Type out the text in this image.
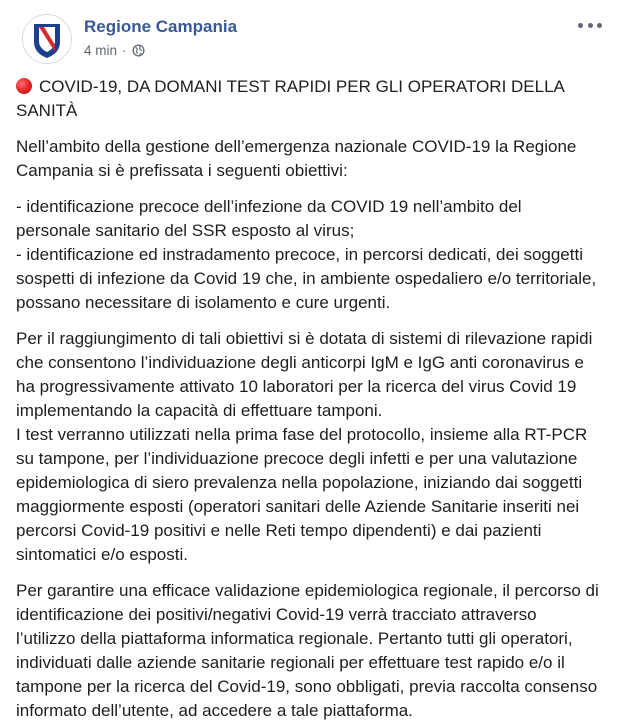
Regione Campania
4 min ·
COVID-19, DA DOMANI TEST RAPIDI PER GLI OPERATORI DELLA SANITÀ
Nell’ambito della gestione dell’emergenza nazionale COVID-19 la Regione Campania si è prefissata i seguenti obiettivi:
- identificazione precoce dell’infezione da COVID 19 nell’ambito del personale sanitario del SSR esposto al virus;
- identificazione ed instradamento precoce, in percorsi dedicati, dei soggetti sospetti di infezione da Covid 19 che, in ambiente ospedaliero e/o territoriale, possano necessitare di isolamento e cure urgenti.
Per il raggiungimento di tali obiettivi si è dotata di sistemi di rilevazione rapidi che consentono l’individuazione degli anticorpi IgM e IgG anti coronavirus e ha progressivamente attivato 10 laboratori per la ricerca del virus Covid 19 implementando la capacità di effettuare tamponi.
I test verranno utilizzati nella prima fase del protocollo, insieme alla RT-PCR su tampone, per l’individuazione precoce degli infetti e per una valutazione epidemiologica di siero prevalenza nella popolazione, iniziando dai soggetti maggiormente esposti (operatori sanitari delle Aziende Sanitarie inseriti nei percorsi Covid-19 positivi e nelle Reti tempo dipendenti) e dai pazienti sintomatici e/o esposti.
Per garantire una efficace validazione epidemiologica regionale, il percorso di identificazione dei positivi/negativi Covid-19 verrà tracciato attraverso l’utilizzo della piattaforma informatica regionale. Pertanto tutti gli operatori, individuati dalle aziende sanitarie regionali per effettuare test rapido e/o il tampone per la ricerca del Covid-19, sono obbligati, previa raccolta consenso informato dell’utente, ad accedere a tale piattaforma.
